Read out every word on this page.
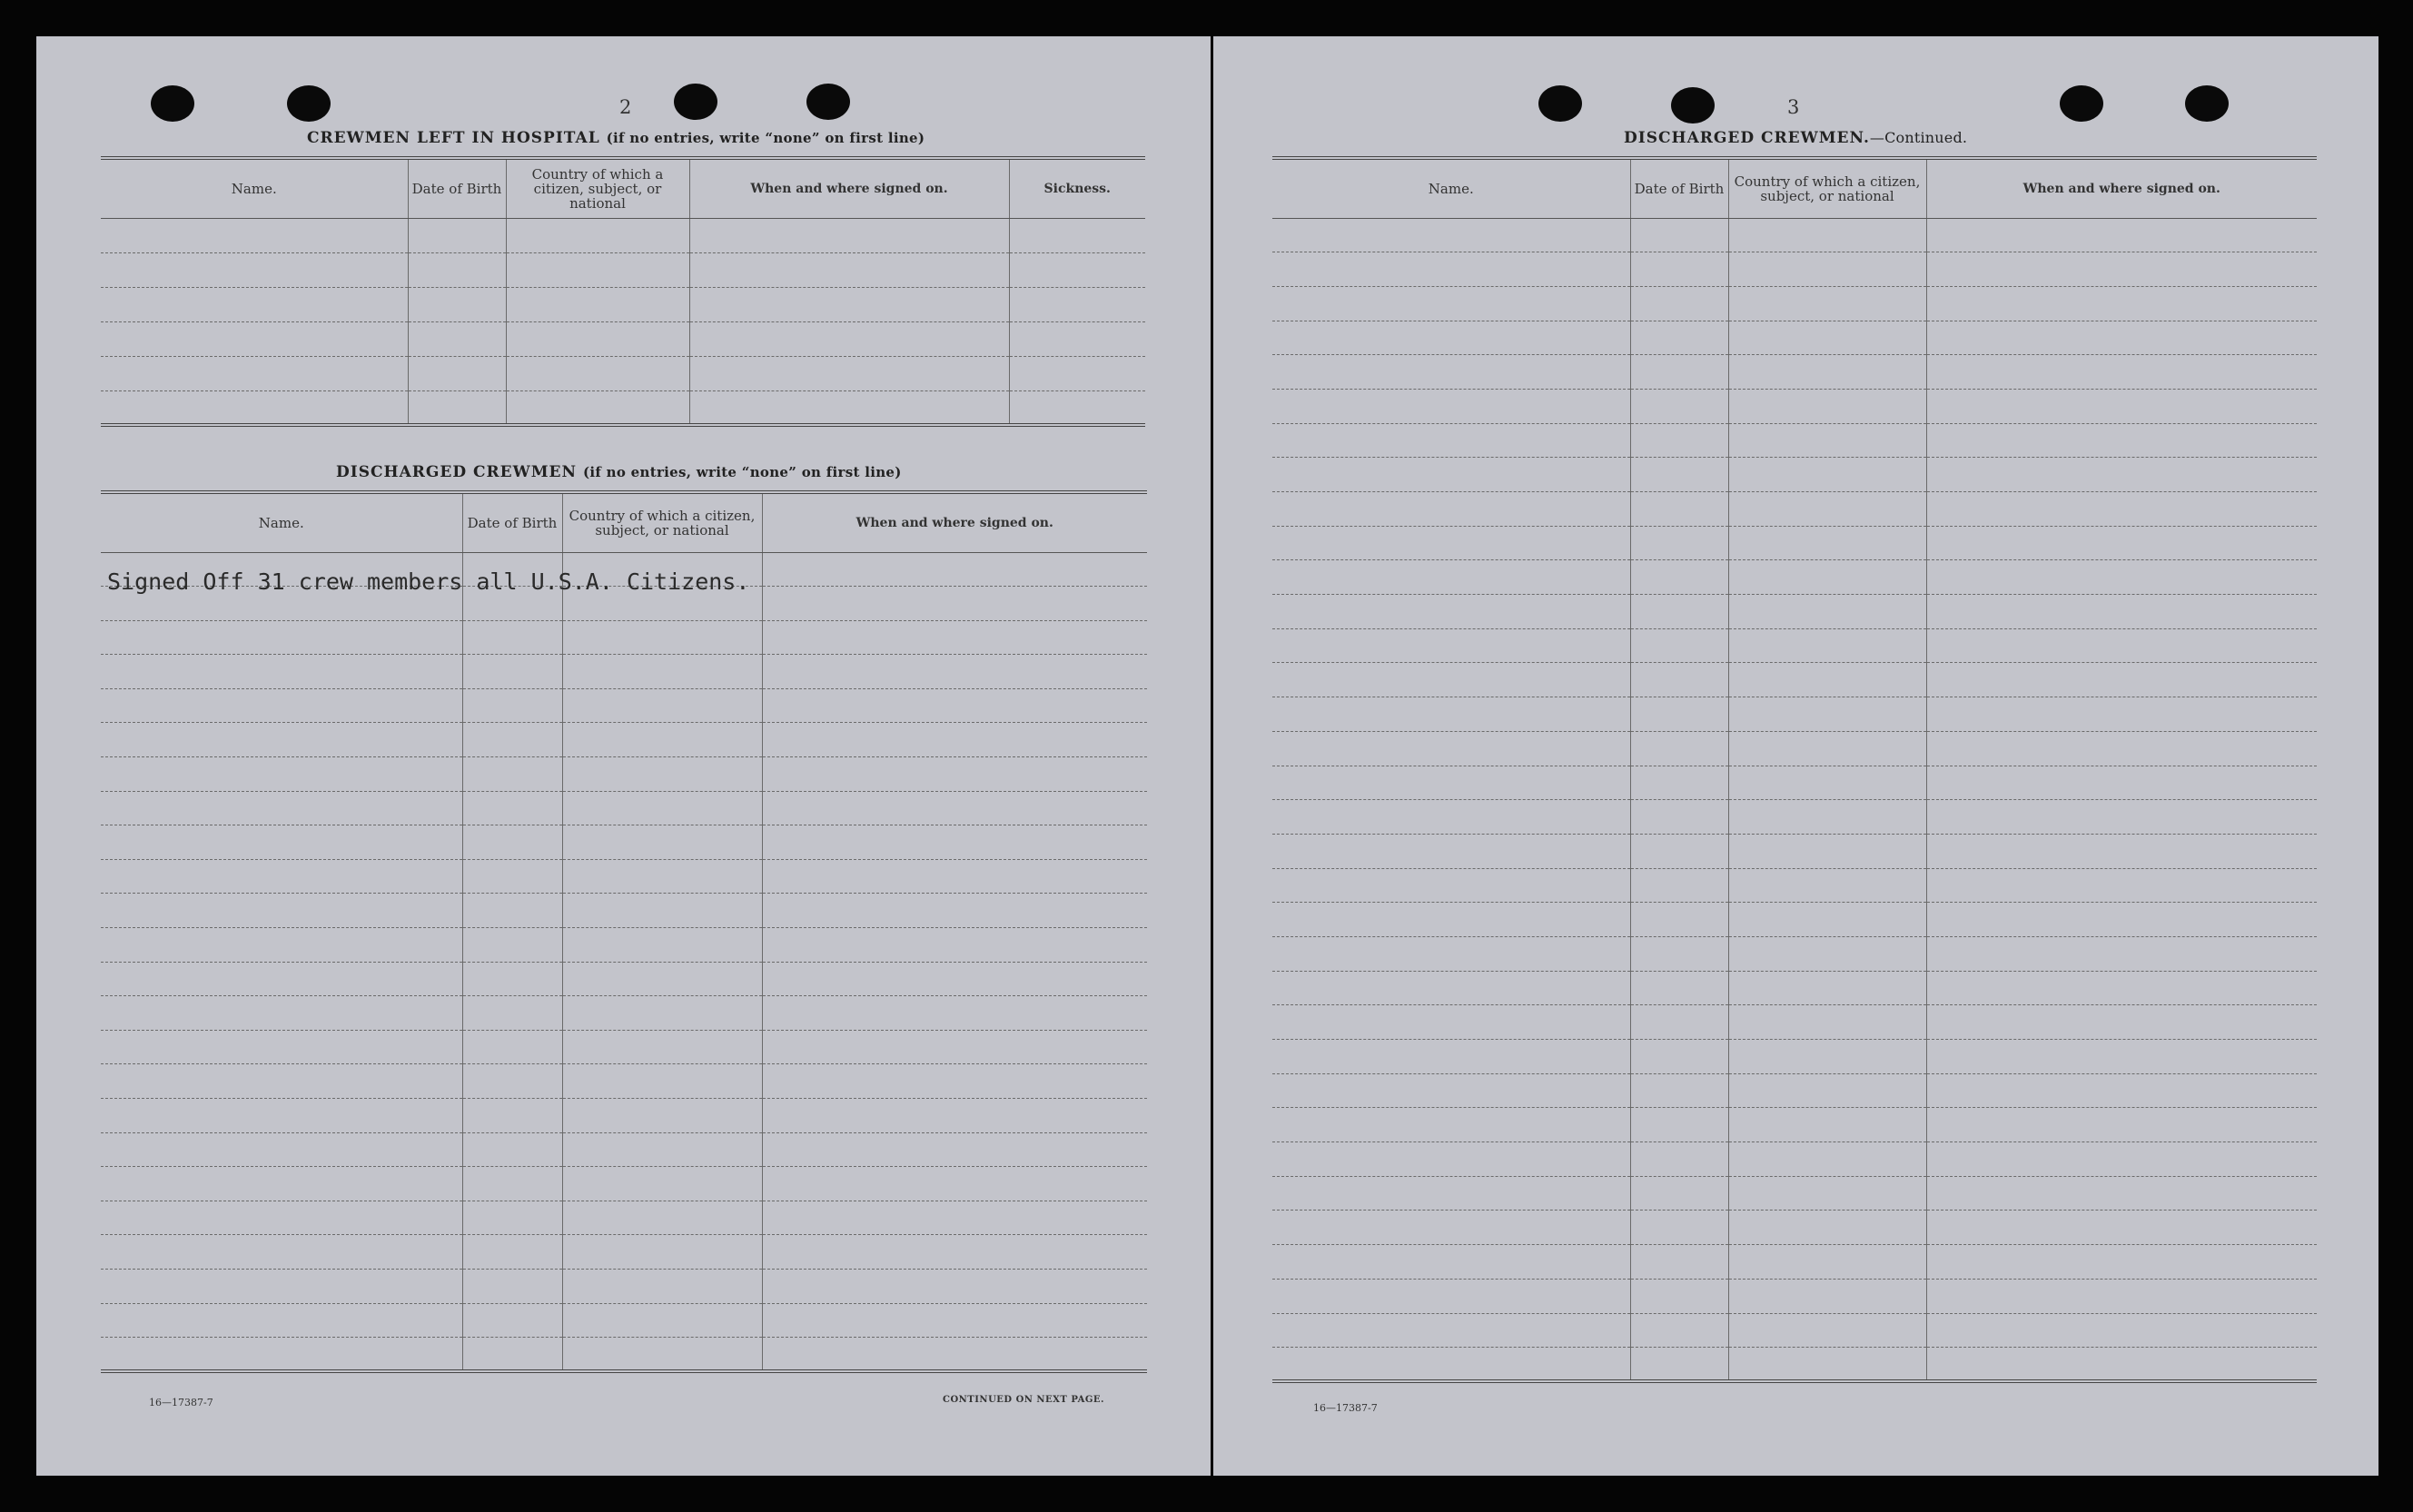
2
CREWMEN LEFT IN HOSPITAL (if no entries, write “none” on first line)
Name.	Date of Birth	Country of which a citizen, subject, or national	When and where signed on.	Sickness.

DISCHARGED CREWMEN (if no entries, write “none” on first line)
Name.	Date of Birth	Country of which a citizen, subject, or national	When and where signed on.

Signed Off 31 crew members all U.S.A. Citizens.
16—17387-7	CONTINUED ON NEXT PAGE.
3
DISCHARGED CREWMEN.—Continued.
Name.	Date of Birth	Country of which a citizen, subject, or national	When and where signed on.

16—17387-7
